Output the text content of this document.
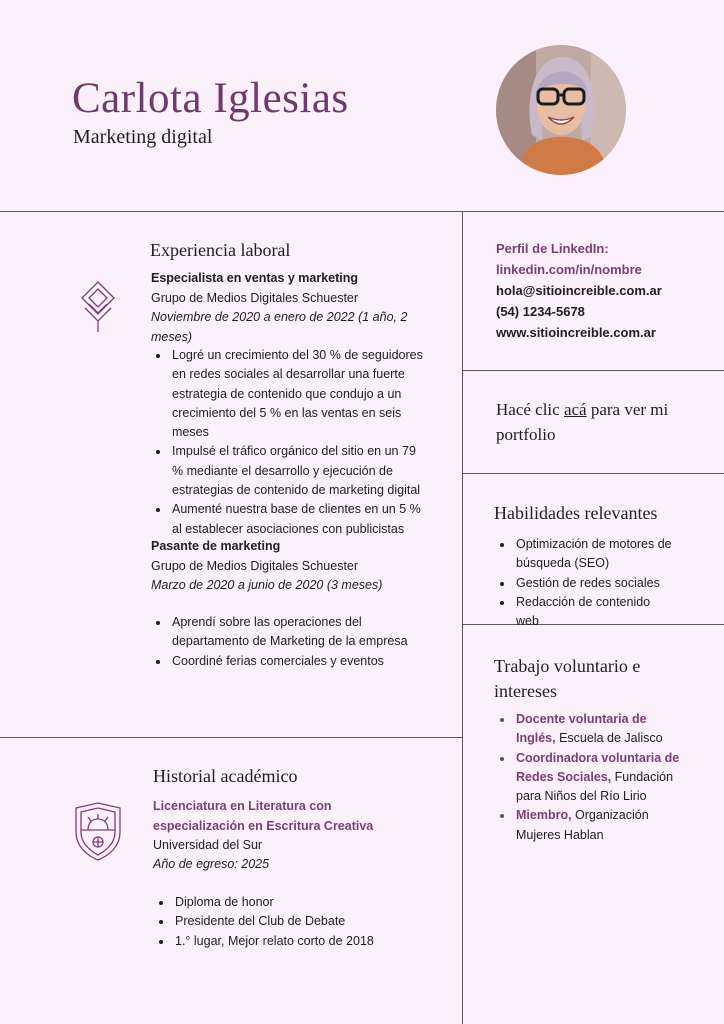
Carlota Iglesias
Marketing digital
Experiencia laboral
Especialista en ventas y marketing
Grupo de Medios Digitales Schuester
Noviembre de 2020 a enero de 2022 (1 año, 2 meses)
Logré un crecimiento del 30 % de seguidores en redes sociales al desarrollar una fuerte estrategia de contenido que condujo a un crecimiento del 5 % en las ventas en seis meses
Impulsé el tráfico orgánico del sitio en un 79 % mediante el desarrollo y ejecución de estrategias de contenido de marketing digital
Aumenté nuestra base de clientes en un 5 % al establecer asociaciones con publicistas
Pasante de marketing
Grupo de Medios Digitales Schuester
Marzo de 2020 a junio de 2020 (3 meses)
Aprendí sobre las operaciones del departamento de Marketing de la empresa
Coordiné ferias comerciales y eventos
Historial académico
Licenciatura en Literatura con especialización en Escritura Creativa
Universidad del Sur
Año de egreso: 2025
Diploma de honor
Presidente del Club de Debate
1.° lugar, Mejor relato corto de 2018
Perfil de LinkedIn:
linkedin.com/in/nombre
hola@sitioincreible.com.ar
(54) 1234-5678
www.sitioincreible.com.ar
Hacé clic acá para ver mi portfolio
Habilidades relevantes
Optimización de motores de búsqueda (SEO)
Gestión de redes sociales
Redacción de contenido web
Trabajo voluntario e intereses
Docente voluntaria de Inglés, Escuela de Jalisco
Coordinadora voluntaria de Redes Sociales, Fundación para Niños del Río Lirio
Miembro, Organización Mujeres Hablan
